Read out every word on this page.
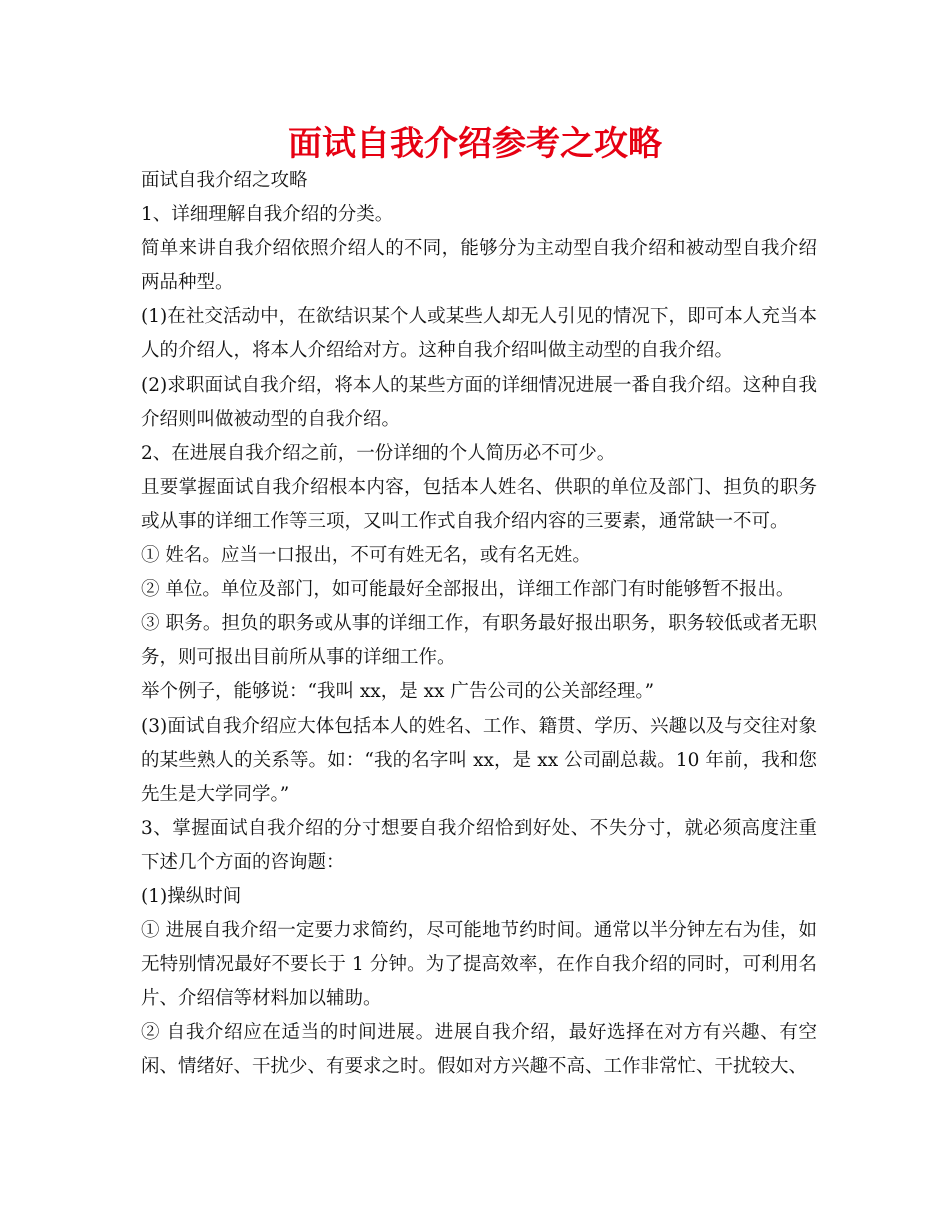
面试自我介绍参考之攻略

面试自我介绍之攻略

1、详细理解自我介绍的分类。

简单来讲自我介绍依照介绍人的不同，能够分为主动型自我介绍和被动型自我介绍两品种型。

(1)在社交活动中，在欲结识某个人或某些人却无人引见的情况下，即可本人充当本人的介绍人，将本人介绍给对方。这种自我介绍叫做主动型的自我介绍。

(2)求职面试自我介绍，将本人的某些方面的详细情况进展一番自我介绍。这种自我介绍则叫做被动型的自我介绍。

2、在进展自我介绍之前，一份详细的个人简历必不可少。

且要掌握面试自我介绍根本内容，包括本人姓名、供职的单位及部门、担负的职务或从事的详细工作等三项，又叫工作式自我介绍内容的三要素，通常缺一不可。

① 姓名。应当一口报出，不可有姓无名，或有名无姓。

② 单位。单位及部门，如可能最好全部报出，详细工作部门有时能够暂不报出。

③ 职务。担负的职务或从事的详细工作，有职务最好报出职务，职务较低或者无职务，则可报出目前所从事的详细工作。

举个例子，能够说：“我叫 xx，是 xx 广告公司的公关部经理。”

(3)面试自我介绍应大体包括本人的姓名、工作、籍贯、学历、兴趣以及与交往对象的某些熟人的关系等。如：“我的名字叫 xx，是 xx 公司副总裁。10 年前，我和您先生是大学同学。”

3、掌握面试自我介绍的分寸想要自我介绍恰到好处、不失分寸，就必须高度注重下述几个方面的咨询题：

(1)操纵时间

① 进展自我介绍一定要力求简约，尽可能地节约时间。通常以半分钟左右为佳，如无特别情况最好不要长于 1 分钟。为了提高效率，在作自我介绍的同时，可利用名片、介绍信等材料加以辅助。

② 自我介绍应在适当的时间进展。进展自我介绍，最好选择在对方有兴趣、有空闲、情绪好、干扰少、有要求之时。假如对方兴趣不高、工作非常忙、干扰较大、
